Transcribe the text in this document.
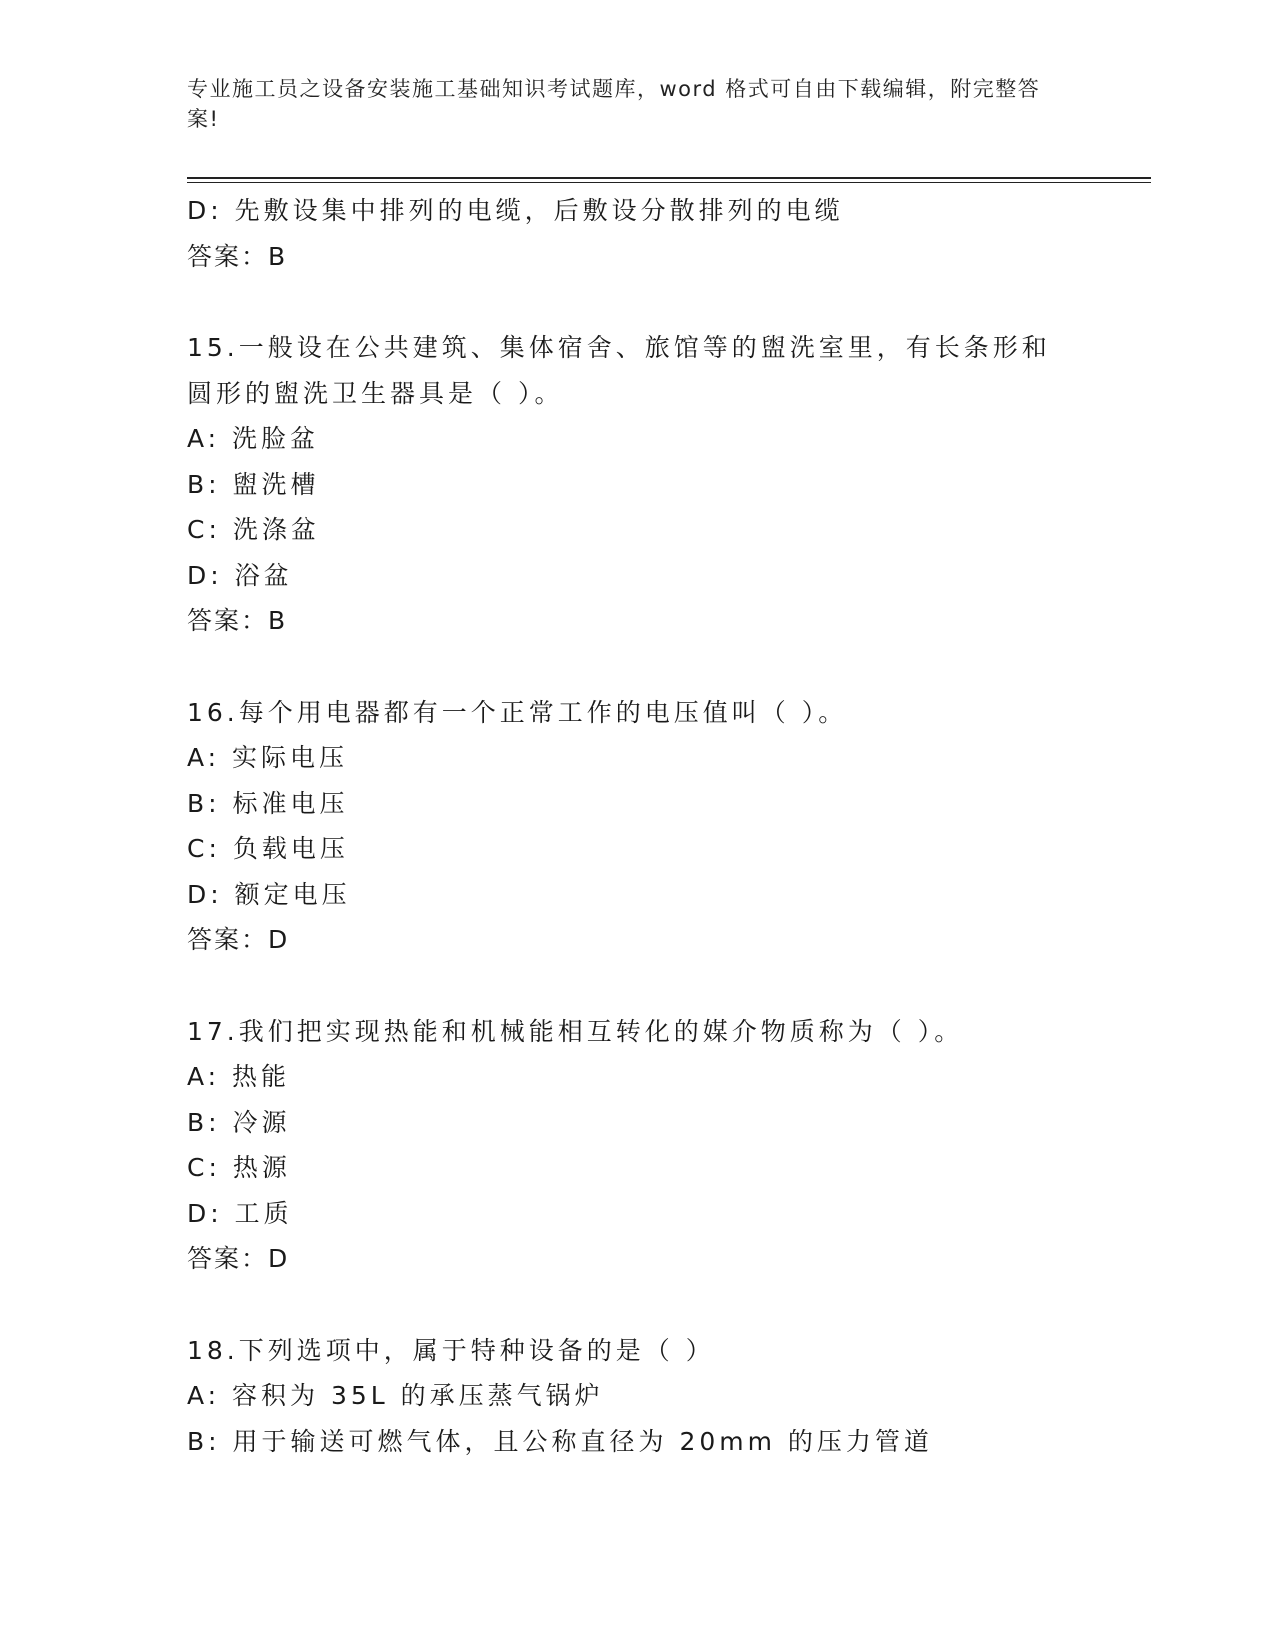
专业施工员之设备安装施工基础知识考试题库，word 格式可自由下载编辑，附完整答案!
D: 先敷设集中排列的电缆，后敷设分散排列的电缆
答案：B
15.一般设在公共建筑、集体宿舍、旅馆等的盥洗室里，有长条形和圆形的盥洗卫生器具是（ ）。
A: 洗脸盆
B: 盥洗槽
C: 洗涤盆
D: 浴盆
答案：B
16.每个用电器都有一个正常工作的电压值叫（ ）。
A: 实际电压
B: 标准电压
C: 负载电压
D: 额定电压
答案：D
17.我们把实现热能和机械能相互转化的媒介物质称为（ ）。
A: 热能
B: 冷源
C: 热源
D: 工质
答案：D
18.下列选项中，属于特种设备的是（ ）
A: 容积为 35L 的承压蒸气锅炉
B: 用于输送可燃气体，且公称直径为 20mm 的压力管道
